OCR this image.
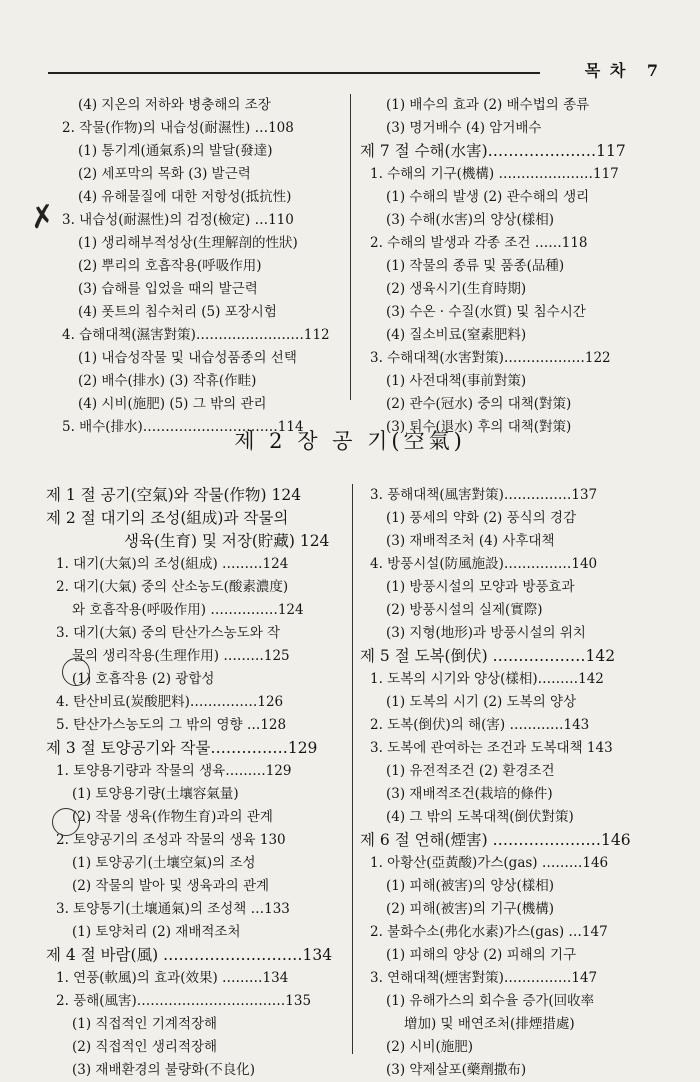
목 차 7
(4) 지온의 저하와 병충해의 조장
2. 작물(作物)의 내습성(耐濕性) …108
(1) 통기계(通氣系)의 발달(發達)
(2) 세포막의 목화 (3) 발근력
(4) 유해물질에 대한 저항성(抵抗性)
3. 내습성(耐濕性)의 검정(檢定) …110
(1) 생리해부적성상(生理解剖的性狀)
(2) 뿌리의 호흡작용(呼吸作用)
(3) 습해를 입었을 때의 발근력
(4) 폿트의 침수처리 (5) 포장시험
4. 습해대책(濕害對策)……………………112
(1) 내습성작물 및 내습성품종의 선택
(2) 배수(排水) (3) 작휴(作畦)
(4) 시비(施肥) (5) 그 밖의 관리
5. 배수(排水)…………………………114
(1) 배수의 효과 (2) 배수법의 종류
(3) 명거배수 (4) 암거배수
제 7 절 수해(水害)…………………117
1. 수해의 기구(機構) …………………117
(1) 수해의 발생 (2) 관수해의 생리
(3) 수해(水害)의 양상(樣相)
2. 수해의 발생과 각종 조건 ……118
(1) 작물의 종류 및 품종(品種)
(2) 생육시기(生育時期)
(3) 수온 · 수질(水質) 및 침수시간
(4) 질소비료(窒素肥料)
3. 수해대책(水害對策)………………122
(1) 사전대책(事前對策)
(2) 관수(冠水) 중의 대책(對策)
(3) 퇴수(退水) 후의 대책(對策)
제 2 장 공 기(空氣)
제 1 절 공기(空氣)와 작물(作物) 124
제 2 절 대기의 조성(組成)과 작물의
생육(生育) 및 저장(貯藏) 124
1. 대기(大氣)의 조성(組成) ………124
2. 대기(大氣) 중의 산소농도(酸素濃度)
와 호흡작용(呼吸作用) ……………124
3. 대기(大氣) 중의 탄산가스농도와 작
물의 생리작용(生理作用) ………125
(1) 호흡작용 (2) 광합성
4. 탄산비료(炭酸肥料)……………126
5. 탄산가스농도의 그 밖의 영향 …128
제 3 절 토양공기와 작물……………129
1. 토양용기량과 작물의 생육………129
(1) 토양용기량(土壤容氣量)
(2) 작물 생육(作物生育)과의 관계
2. 토양공기의 조성과 작물의 생육 130
(1) 토양공기(土壤空氣)의 조성
(2) 작물의 발아 및 생육과의 관계
3. 토양통기(土壤通氣)의 조성책 …133
(1) 토양처리 (2) 재배적조처
제 4 절 바람(風) ………………………134
1. 연풍(軟風)의 효과(效果) ………134
2. 풍해(風害)……………………………135
(1) 직접적인 기계적장해
(2) 직접적인 생리적장해
(3) 재배환경의 불량화(不良化)
3. 풍해대책(風害對策)……………137
(1) 풍세의 약화 (2) 풍식의 경감
(3) 재배적조처 (4) 사후대책
4. 방풍시설(防風施設)……………140
(1) 방풍시설의 모양과 방풍효과
(2) 방풍시설의 실제(實際)
(3) 지형(地形)과 방풍시설의 위치
제 5 절 도복(倒伏) ………………142
1. 도복의 시기와 양상(樣相)………142
(1) 도복의 시기 (2) 도복의 양상
2. 도복(倒伏)의 해(害) …………143
3. 도복에 관여하는 조건과 도복대책 143
(1) 유전적조건 (2) 환경조건
(3) 재배적조건(栽培的條件)
(4) 그 밖의 도복대책(倒伏對策)
제 6 절 연해(煙害) …………………146
1. 아황산(亞黃酸)가스(gas) ………146
(1) 피해(被害)의 양상(樣相)
(2) 피해(被害)의 기구(機構)
2. 불화수소(弗化水素)가스(gas) …147
(1) 피해의 양상 (2) 피해의 기구
3. 연해대책(煙害對策)……………147
(1) 유해가스의 회수율 증가(回收率
增加) 및 배연조처(排煙措處)
(2) 시비(施肥)
(3) 약제살포(藥劑撒布)
✗
